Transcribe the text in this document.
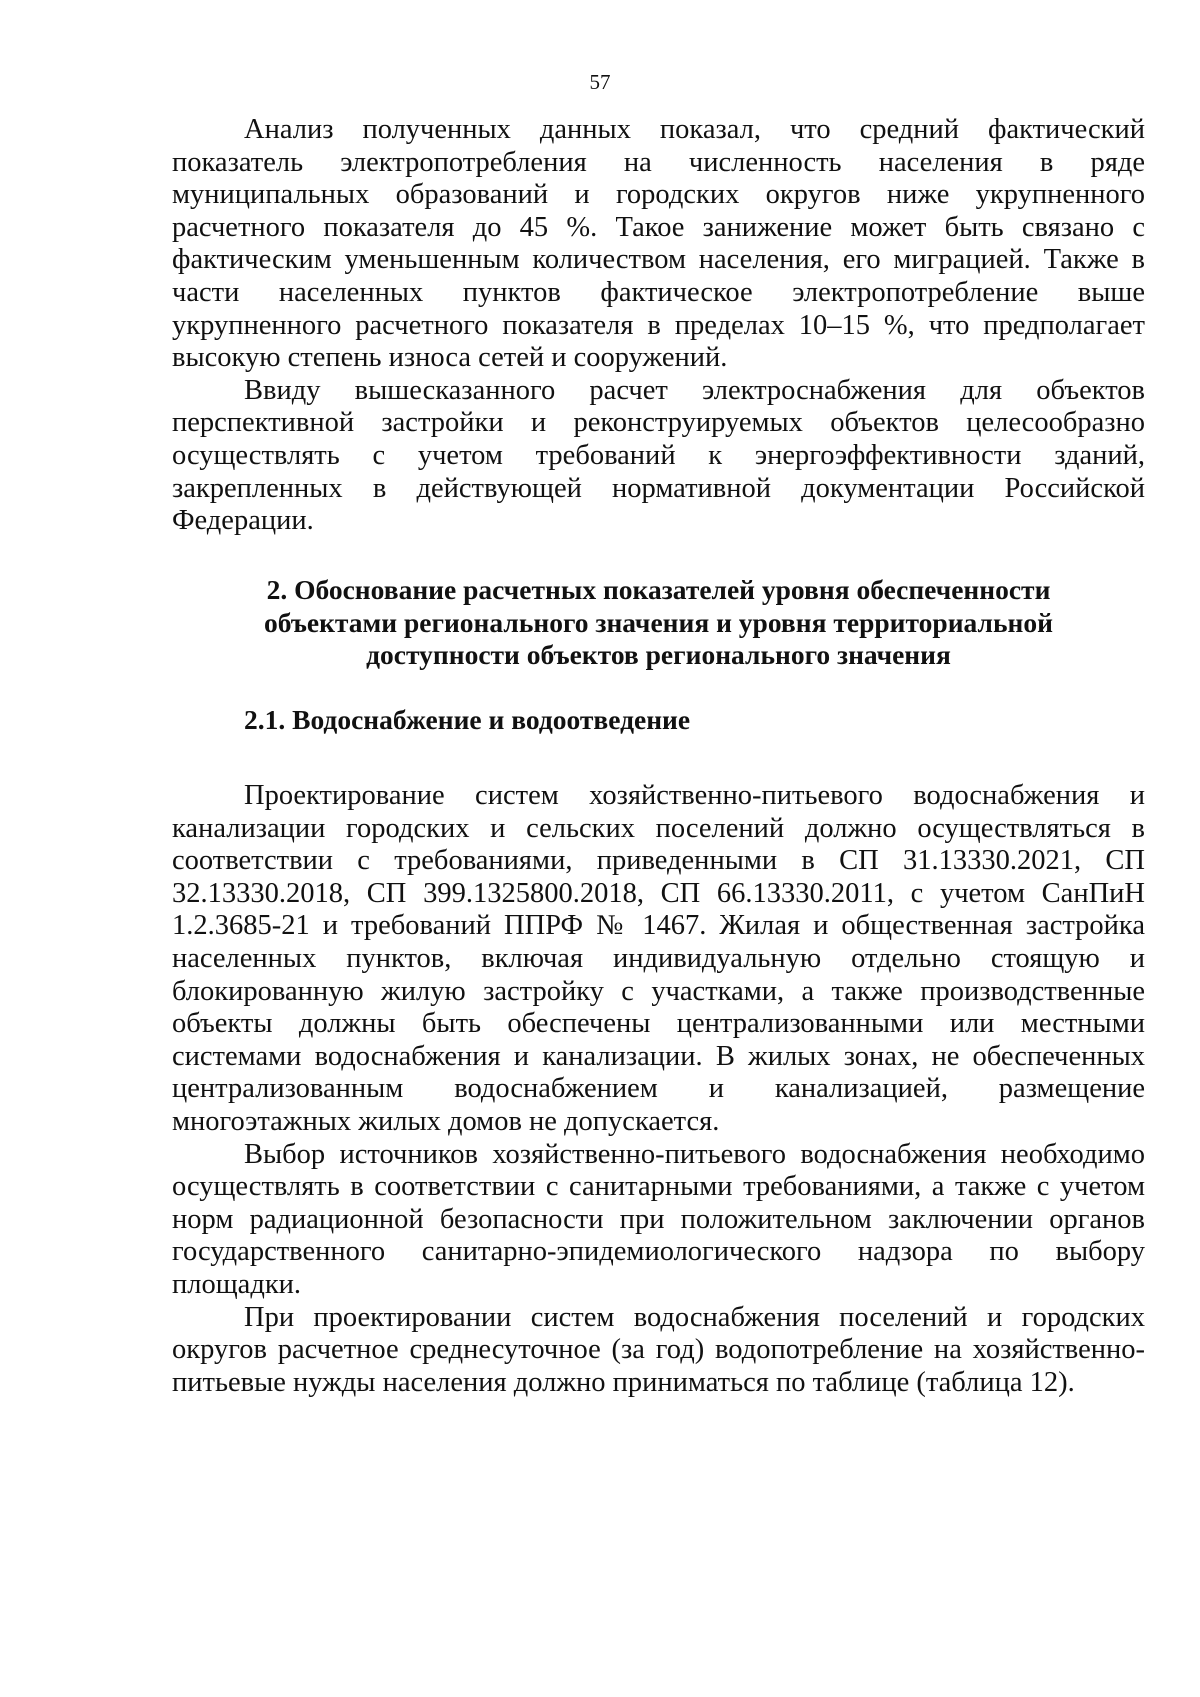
57

Анализ полученных данных показал, что средний фактический показатель электропотребления на численность населения в ряде муниципальных образований и городских округов ниже укрупненного расчетного показателя до 45 %. Такое занижение может быть связано с фактическим уменьшенным количеством населения, его миграцией. Также в части населенных пунктов фактическое электропотребление выше укрупненного расчетного показателя в пределах 10–15 %, что предполагает высокую степень износа сетей и сооружений.

Ввиду вышесказанного расчет электроснабжения для объектов перспективной застройки и реконструируемых объектов целесообразно осуществлять с учетом требований к энергоэффективности зданий, закрепленных в действующей нормативной документации Российской Федерации.

2. Обоснование расчетных показателей уровня обеспеченности
объектами регионального значения и уровня территориальной
доступности объектов регионального значения
2.1. Водоснабжение и водоотведение

Проектирование систем хозяйственно-питьевого водоснабжения и канализации городских и сельских поселений должно осуществляться в соответствии с требованиями, приведенными в СП 31.13330.2021, СП 32.13330.2018, СП 399.1325800.2018, СП 66.13330.2011, с учетом СанПиН 1.2.3685-21 и требований ППРФ № 1467. Жилая и общественная застройка населенных пунктов, включая индивидуальную отдельно стоящую и блокированную жилую застройку с участками, а также производственные объекты должны быть обеспечены централизованными или местными системами водоснабжения и канализации. В жилых зонах, не обеспеченных централизованным водоснабжением и канализацией, размещение многоэтажных жилых домов не допускается.

Выбор источников хозяйственно-питьевого водоснабжения необходимо осуществлять в соответствии с санитарными требованиями, а также с учетом норм радиационной безопасности при положительном заключении органов государственного санитарно-эпидемиологического надзора по выбору площадки.

При проектировании систем водоснабжения поселений и городских округов расчетное среднесуточное (за год) водопотребление на хозяйственно-питьевые нужды населения должно приниматься по таблице (таблица 12).
